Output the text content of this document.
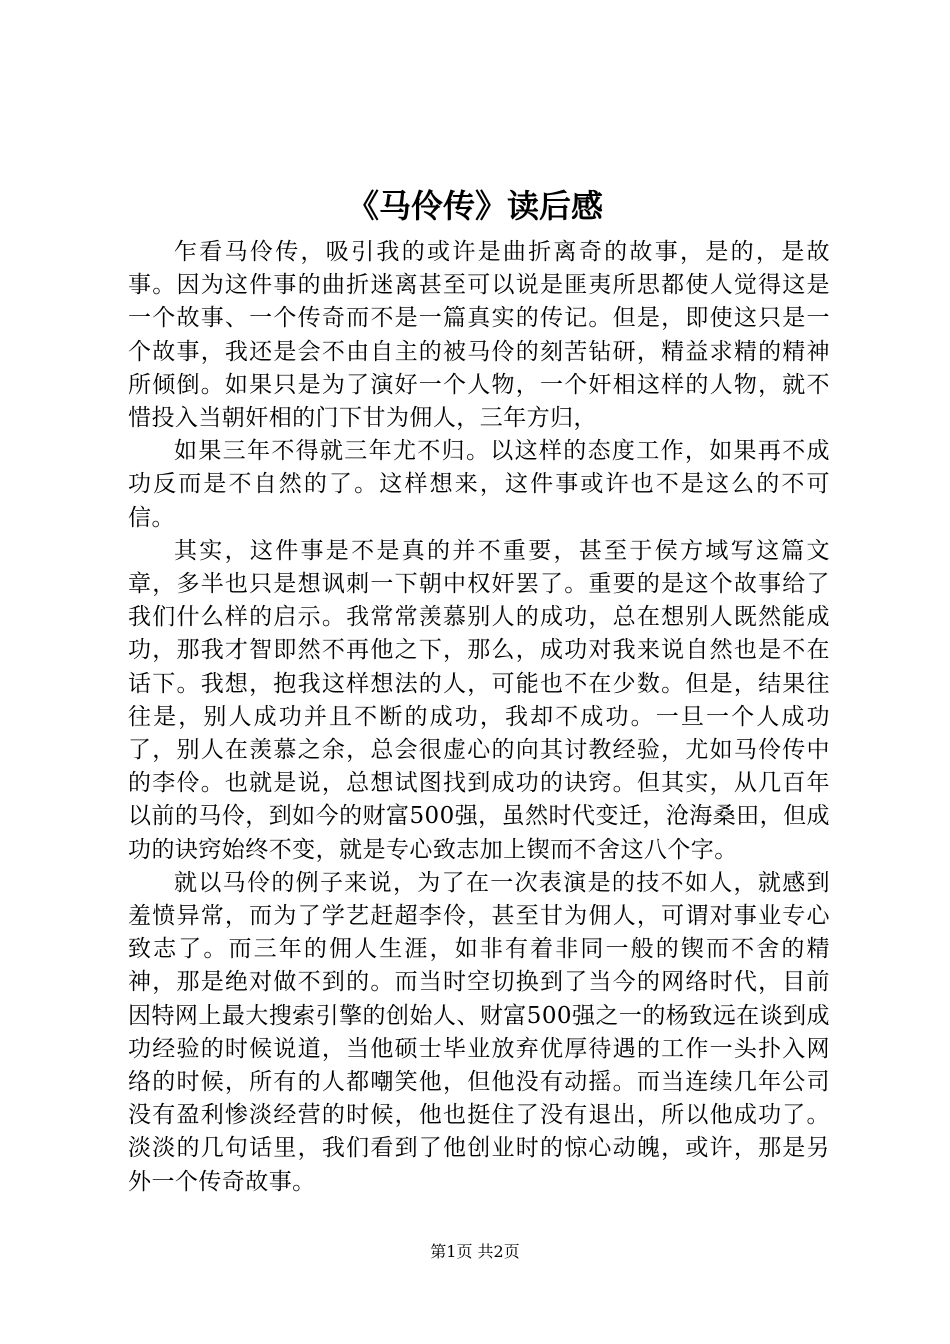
《马伶传》读后感

乍看马伶传，吸引我的或许是曲折离奇的故事，是的，是故事。因为这件事的曲折迷离甚至可以说是匪夷所思都使人觉得这是一个故事、一个传奇而不是一篇真实的传记。但是，即使这只是一个故事，我还是会不由自主的被马伶的刻苦钻研，精益求精的精神所倾倒。如果只是为了演好一个人物，一个奸相这样的人物，就不惜投入当朝奸相的门下甘为佣人，三年方归，

如果三年不得就三年尤不归。以这样的态度工作，如果再不成功反而是不自然的了。这样想来，这件事或许也不是这么的不可信。

其实，这件事是不是真的并不重要，甚至于侯方域写这篇文章，多半也只是想讽刺一下朝中权奸罢了。重要的是这个故事给了我们什么样的启示。我常常羡慕别人的成功，总在想别人既然能成功，那我才智即然不再他之下，那么，成功对我来说自然也是不在话下。我想，抱我这样想法的人，可能也不在少数。但是，结果往往是，别人成功并且不断的成功，我却不成功。一旦一个人成功了，别人在羡慕之余，总会很虚心的向其讨教经验，尤如马伶传中的李伶。也就是说，总想试图找到成功的诀窍。但其实，从几百年以前的马伶，到如今的财富500强，虽然时代变迁，沧海桑田，但成功的诀窍始终不变，就是专心致志加上锲而不舍这八个字。

就以马伶的例子来说，为了在一次表演是的技不如人，就感到羞愤异常，而为了学艺赶超李伶，甚至甘为佣人，可谓对事业专心致志了。而三年的佣人生涯，如非有着非同一般的锲而不舍的精神，那是绝对做不到的。而当时空切换到了当今的网络时代，目前因特网上最大搜索引擎的创始人、财富500强之一的杨致远在谈到成功经验的时候说道，当他硕士毕业放弃优厚待遇的工作一头扑入网络的时候，所有的人都嘲笑他，但他没有动摇。而当连续几年公司没有盈利惨淡经营的时候，他也挺住了没有退出，所以他成功了。淡淡的几句话里，我们看到了他创业时的惊心动魄，或许，那是另外一个传奇故事。

第1页 共2页
